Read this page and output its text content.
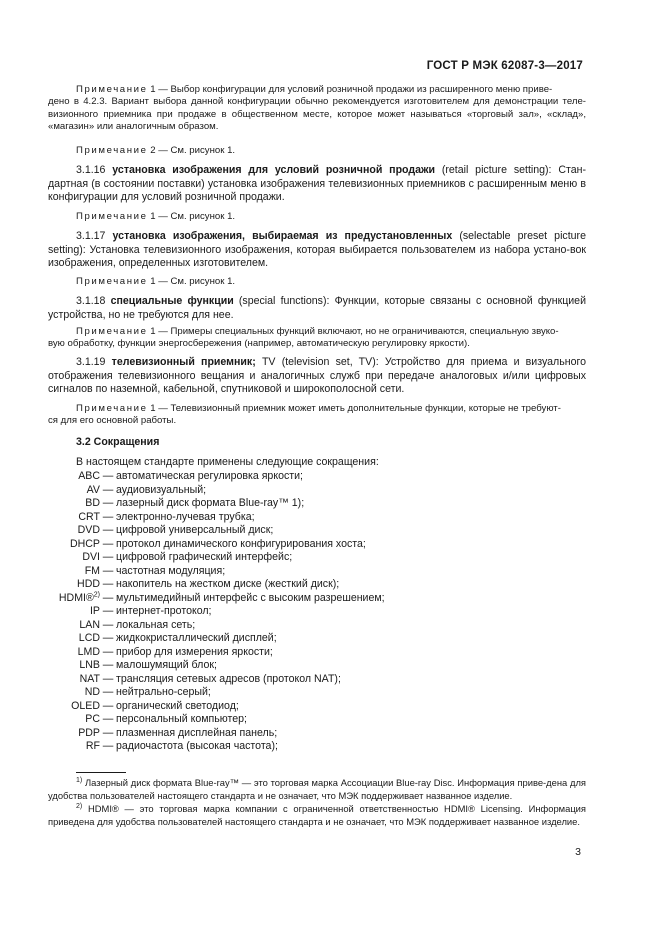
ГОСТ Р МЭК 62087-3—2017

Примечание 1 — Выбор конфигурации для условий розничной продажи из расширенного меню приве-

дено в 4.2.3. Вариант выбора данной конфигурации обычно рекомендуется изготовителем для демонстрации теле-визионного приемника при продаже в общественном месте, которое может называться «торговый зал», «склад», «магазин» или аналогичным образом.

Примечание 2 — См. рисунок 1.

3.1.16 установка изображения для условий розничной продажи (retail picture setting): Стан-дартная (в состоянии поставки) установка изображения телевизионных приемников с расширенным меню в конфигурации для условий розничной продажи.

Примечание 1 — См. рисунок 1.

3.1.17 установка изображения, выбираемая из предустановленных (selectable preset picture setting): Установка телевизионного изображения, которая выбирается пользователем из набора устано-вок изображения, определенных изготовителем.

Примечание 1 — См. рисунок 1.

3.1.18 специальные функции (special functions): Функции, которые связаны с основной функцией устройства, но не требуются для нее.

Примечание 1 — Примеры специальных функций включают, но не ограничиваются, специальную звуко-

вую обработку, функции энергосбережения (например, автоматическую регулировку яркости).

3.1.19 телевизионный приемник; TV (television set, TV): Устройство для приема и визуального отображения телевизионного вещания и аналогичных служб при передаче аналоговых и/или цифровых сигналов по наземной, кабельной, спутниковой и широкополосной сети.

Примечание 1 — Телевизионный приемник может иметь дополнительные функции, которые не требуют-

ся для его основной работы.

3.2 Сокращения
В настоящем стандарте применены следующие сокращения:
ABC — автоматическая регулировка яркости;
AV — аудиовизуальный;
BD — лазерный диск формата Blue-ray™ 1);
CRT — электронно-лучевая трубка;
DVD — цифровой универсальный диск;
DHCP — протокол динамического конфигурирования хоста;
DVI — цифровой графический интерфейс;
FM — частотная модуляция;
HDD — накопитель на жестком диске (жесткий диск);
HDMI®$^{2)}$ — мультимедийный интерфейс с высоким разрешением;
IP — интернет-протокол;
LAN — локальная сеть;
LCD — жидкокристаллический дисплей;
LMD — прибор для измерения яркости;
LNB — малошумящий блок;
NAT — трансляция сетевых адресов (протокол NAT);
ND — нейтрально-серый;
OLED — органический светодиод;
PC — персональный компьютер;
PDP — плазменная дисплейная панель;
RF — радиочастота (высокая частота);

$^{1)}$ Лазерный диск формата Blue-ray™ — это торговая марка Ассоциации Blue-ray Disc. Информация приве-дена для удобства пользователей настоящего стандарта и не означает, что МЭК поддерживает названное изделие.

$^{2)}$ HDMI® — это торговая марка компании с ограниченной ответственностью HDMI® Licensing. Информация приведена для удобства пользователей настоящего стандарта и не означает, что МЭК поддерживает названное изделие.

3
